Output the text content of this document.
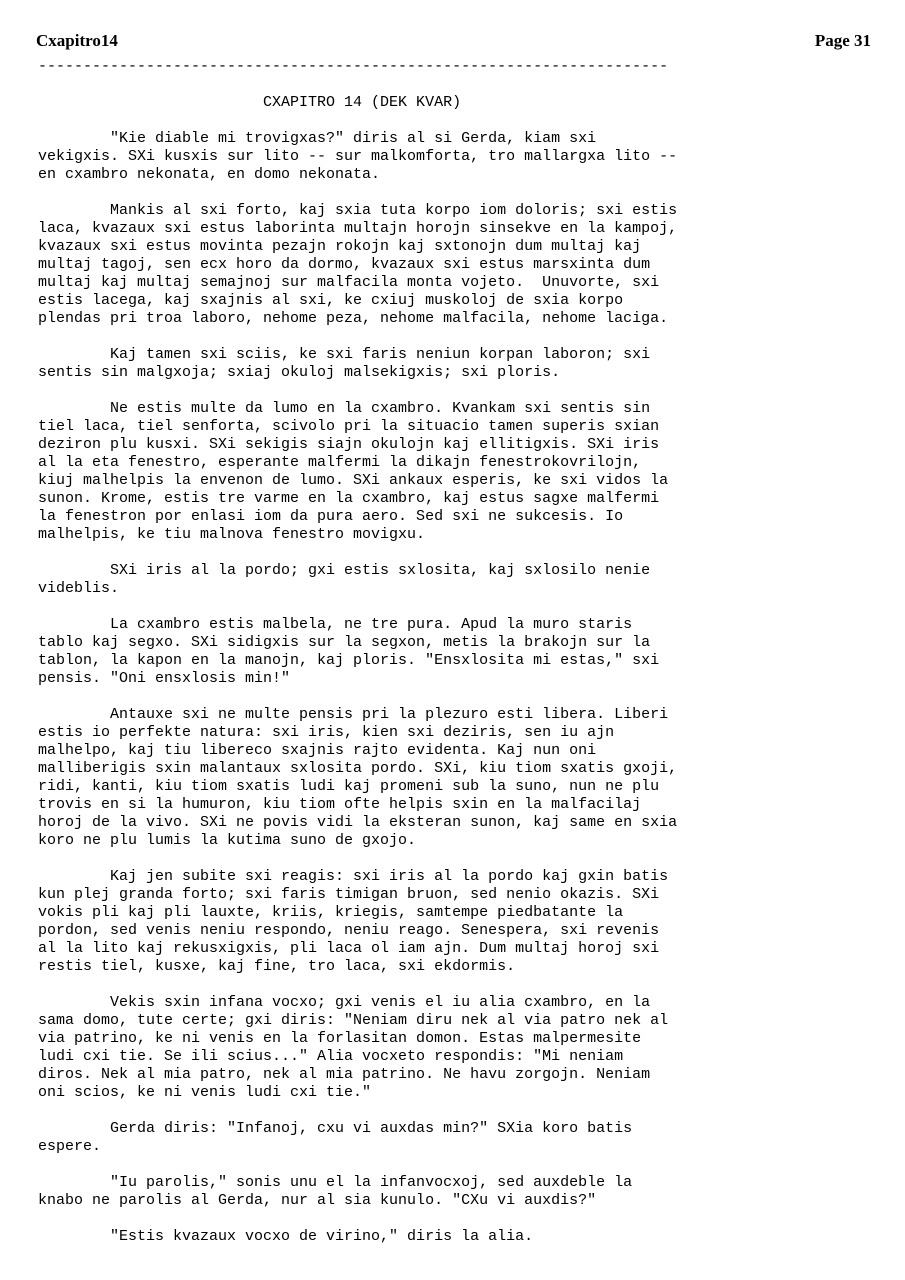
Cxapitro14	Page 31
----------------------------------------------------------------------
CXAPITRO 14 (DEK KVAR)

"Kie diable mi trovigxas?" diris al si Gerda, kiam sxi
vekigxis. SXi kusxis sur lito -- sur malkomforta, tro mallargxa lito --
en cxambro nekonata, en domo nekonata.

Mankis al sxi forto, kaj sxia tuta korpo iom doloris; sxi estis
laca, kvazaux sxi estus laborinta multajn horojn sinsekve en la kampoj,
kvazaux sxi estus movinta pezajn rokojn kaj sxtonojn dum multaj kaj
multaj tagoj, sen ecx horo da dormo, kvazaux sxi estus marsxinta dum
multaj kaj multaj semajnoj sur malfacila monta vojeto.  Unuvorte, sxi
estis lacega, kaj sxajnis al sxi, ke cxiuj muskoloj de sxia korpo
plendas pri troa laboro, nehome peza, nehome malfacila, nehome laciga.

Kaj tamen sxi sciis, ke sxi faris neniun korpan laboron; sxi
sentis sin malgxoja; sxiaj okuloj malsekigxis; sxi ploris.

Ne estis multe da lumo en la cxambro. Kvankam sxi sentis sin
tiel laca, tiel senforta, scivolo pri la situacio tamen superis sxian
deziron plu kusxi. SXi sekigis siajn okulojn kaj ellitigxis. SXi iris
al la eta fenestro, esperante malfermi la dikajn fenestrokovrilojn,
kiuj malhelpis la envenon de lumo. SXi ankaux esperis, ke sxi vidos la
sunon. Krome, estis tre varme en la cxambro, kaj estus sagxe malfermi
la fenestron por enlasi iom da pura aero. Sed sxi ne sukcesis. Io
malhelpis, ke tiu malnova fenestro movigxu.

SXi iris al la pordo; gxi estis sxlosita, kaj sxlosilo nenie
videblis.

La cxambro estis malbela, ne tre pura. Apud la muro staris
tablo kaj segxo. SXi sidigxis sur la segxon, metis la brakojn sur la
tablon, la kapon en la manojn, kaj ploris. "Ensxlosita mi estas," sxi
pensis. "Oni ensxlosis min!"

Antauxe sxi ne multe pensis pri la plezuro esti libera. Liberi
estis io perfekte natura: sxi iris, kien sxi deziris, sen iu ajn
malhelpo, kaj tiu libereco sxajnis rajto evidenta. Kaj nun oni
malliberigis sxin malantaux sxlosita pordo. SXi, kiu tiom sxatis gxoji,
ridi, kanti, kiu tiom sxatis ludi kaj promeni sub la suno, nun ne plu
trovis en si la humuron, kiu tiom ofte helpis sxin en la malfacilaj
horoj de la vivo. SXi ne povis vidi la eksteran sunon, kaj same en sxia
koro ne plu lumis la kutima suno de gxojo.

Kaj jen subite sxi reagis: sxi iris al la pordo kaj gxin batis
kun plej granda forto; sxi faris timigan bruon, sed nenio okazis. SXi
vokis pli kaj pli lauxte, kriis, kriegis, samtempe piedbatante la
pordon, sed venis neniu respondo, neniu reago. Senespera, sxi revenis
al la lito kaj rekusxigxis, pli laca ol iam ajn. Dum multaj horoj sxi
restis tiel, kusxe, kaj fine, tro laca, sxi ekdormis.

Vekis sxin infana vocxo; gxi venis el iu alia cxambro, en la
sama domo, tute certe; gxi diris: "Neniam diru nek al via patro nek al
via patrino, ke ni venis en la forlasitan domon. Estas malpermesite
ludi cxi tie. Se ili scius..." Alia vocxeto respondis: "Mi neniam
diros. Nek al mia patro, nek al mia patrino. Ne havu zorgojn. Neniam
oni scios, ke ni venis ludi cxi tie."

Gerda diris: "Infanoj, cxu vi auxdas min?" SXia koro batis
espere.

"Iu parolis," sonis unu el la infanvocxoj, sed auxdeble la
knabo ne parolis al Gerda, nur al sia kunulo. "CXu vi auxdis?"

"Estis kvazaux vocxo de virino," diris la alia.
